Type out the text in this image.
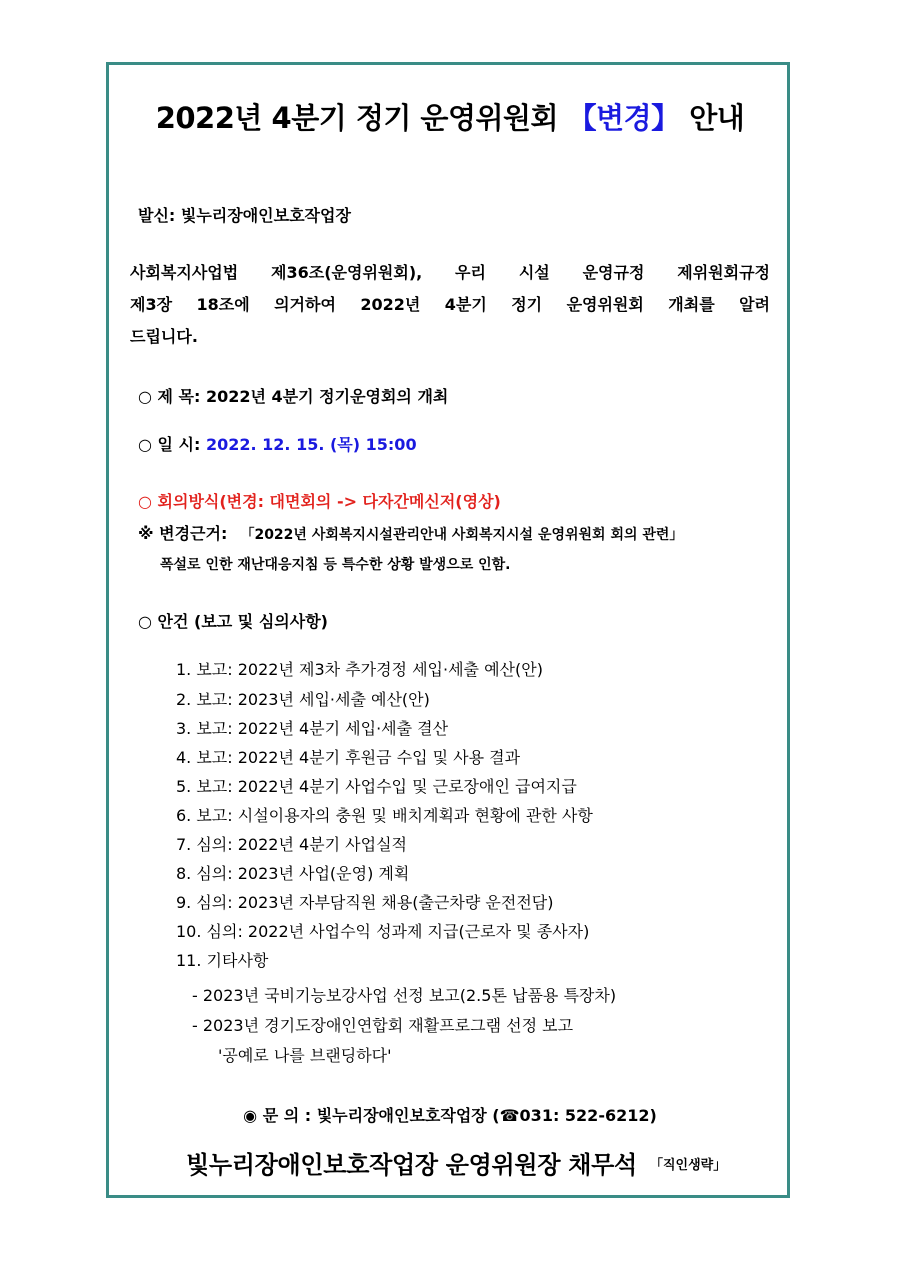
2022년 4분기 정기 운영위원회 【변경】 안내
발신: 빛누리장애인보호작업장
사회복지사업법 제36조(운영위원회), 우리 시설 운영규정 제위원회규정
제3장 18조에 의거하여 2022년 4분기 정기 운영위원회 개최를 알려
드립니다.
○ 제 목: 2022년 4분기 정기운영회의 개최
○ 일 시: 2022. 12. 15. (목) 15:00
○ 회의방식(변경: 대면회의 -> 다자간메신저(영상)
※ 변경근거: 「2022년 사회복지시설관리안내 사회복지시설 운영위원회 회의 관련」
폭설로 인한 재난대응지침 등 특수한 상황 발생으로 인함.
○ 안건 (보고 및 심의사항)
1. 보고: 2022년 제3차 추가경정 세입·세출 예산(안)
2. 보고: 2023년 세입·세출 예산(안)
3. 보고: 2022년 4분기 세입·세출 결산
4. 보고: 2022년 4분기 후원금 수입 및 사용 결과
5. 보고: 2022년 4분기 사업수입 및 근로장애인 급여지급
6. 보고: 시설이용자의 충원 및 배치계획과 현황에 관한 사항
7. 심의: 2022년 4분기 사업실적
8. 심의: 2023년 사업(운영) 계획
9. 심의: 2023년 자부담직원 채용(출근차량 운전전담)
10. 심의: 2022년 사업수익 성과제 지급(근로자 및 종사자)
11. 기타사항
- 2023년 국비기능보강사업 선정 보고(2.5톤 납품용 특장차)
- 2023년 경기도장애인연합회 재활프로그램 선정 보고
'공예로 나를 브랜딩하다'
◉ 문 의 : 빛누리장애인보호작업장 (☎031: 522-6212)
빛누리장애인보호작업장 운영위원장 채무석 「직인생략」
